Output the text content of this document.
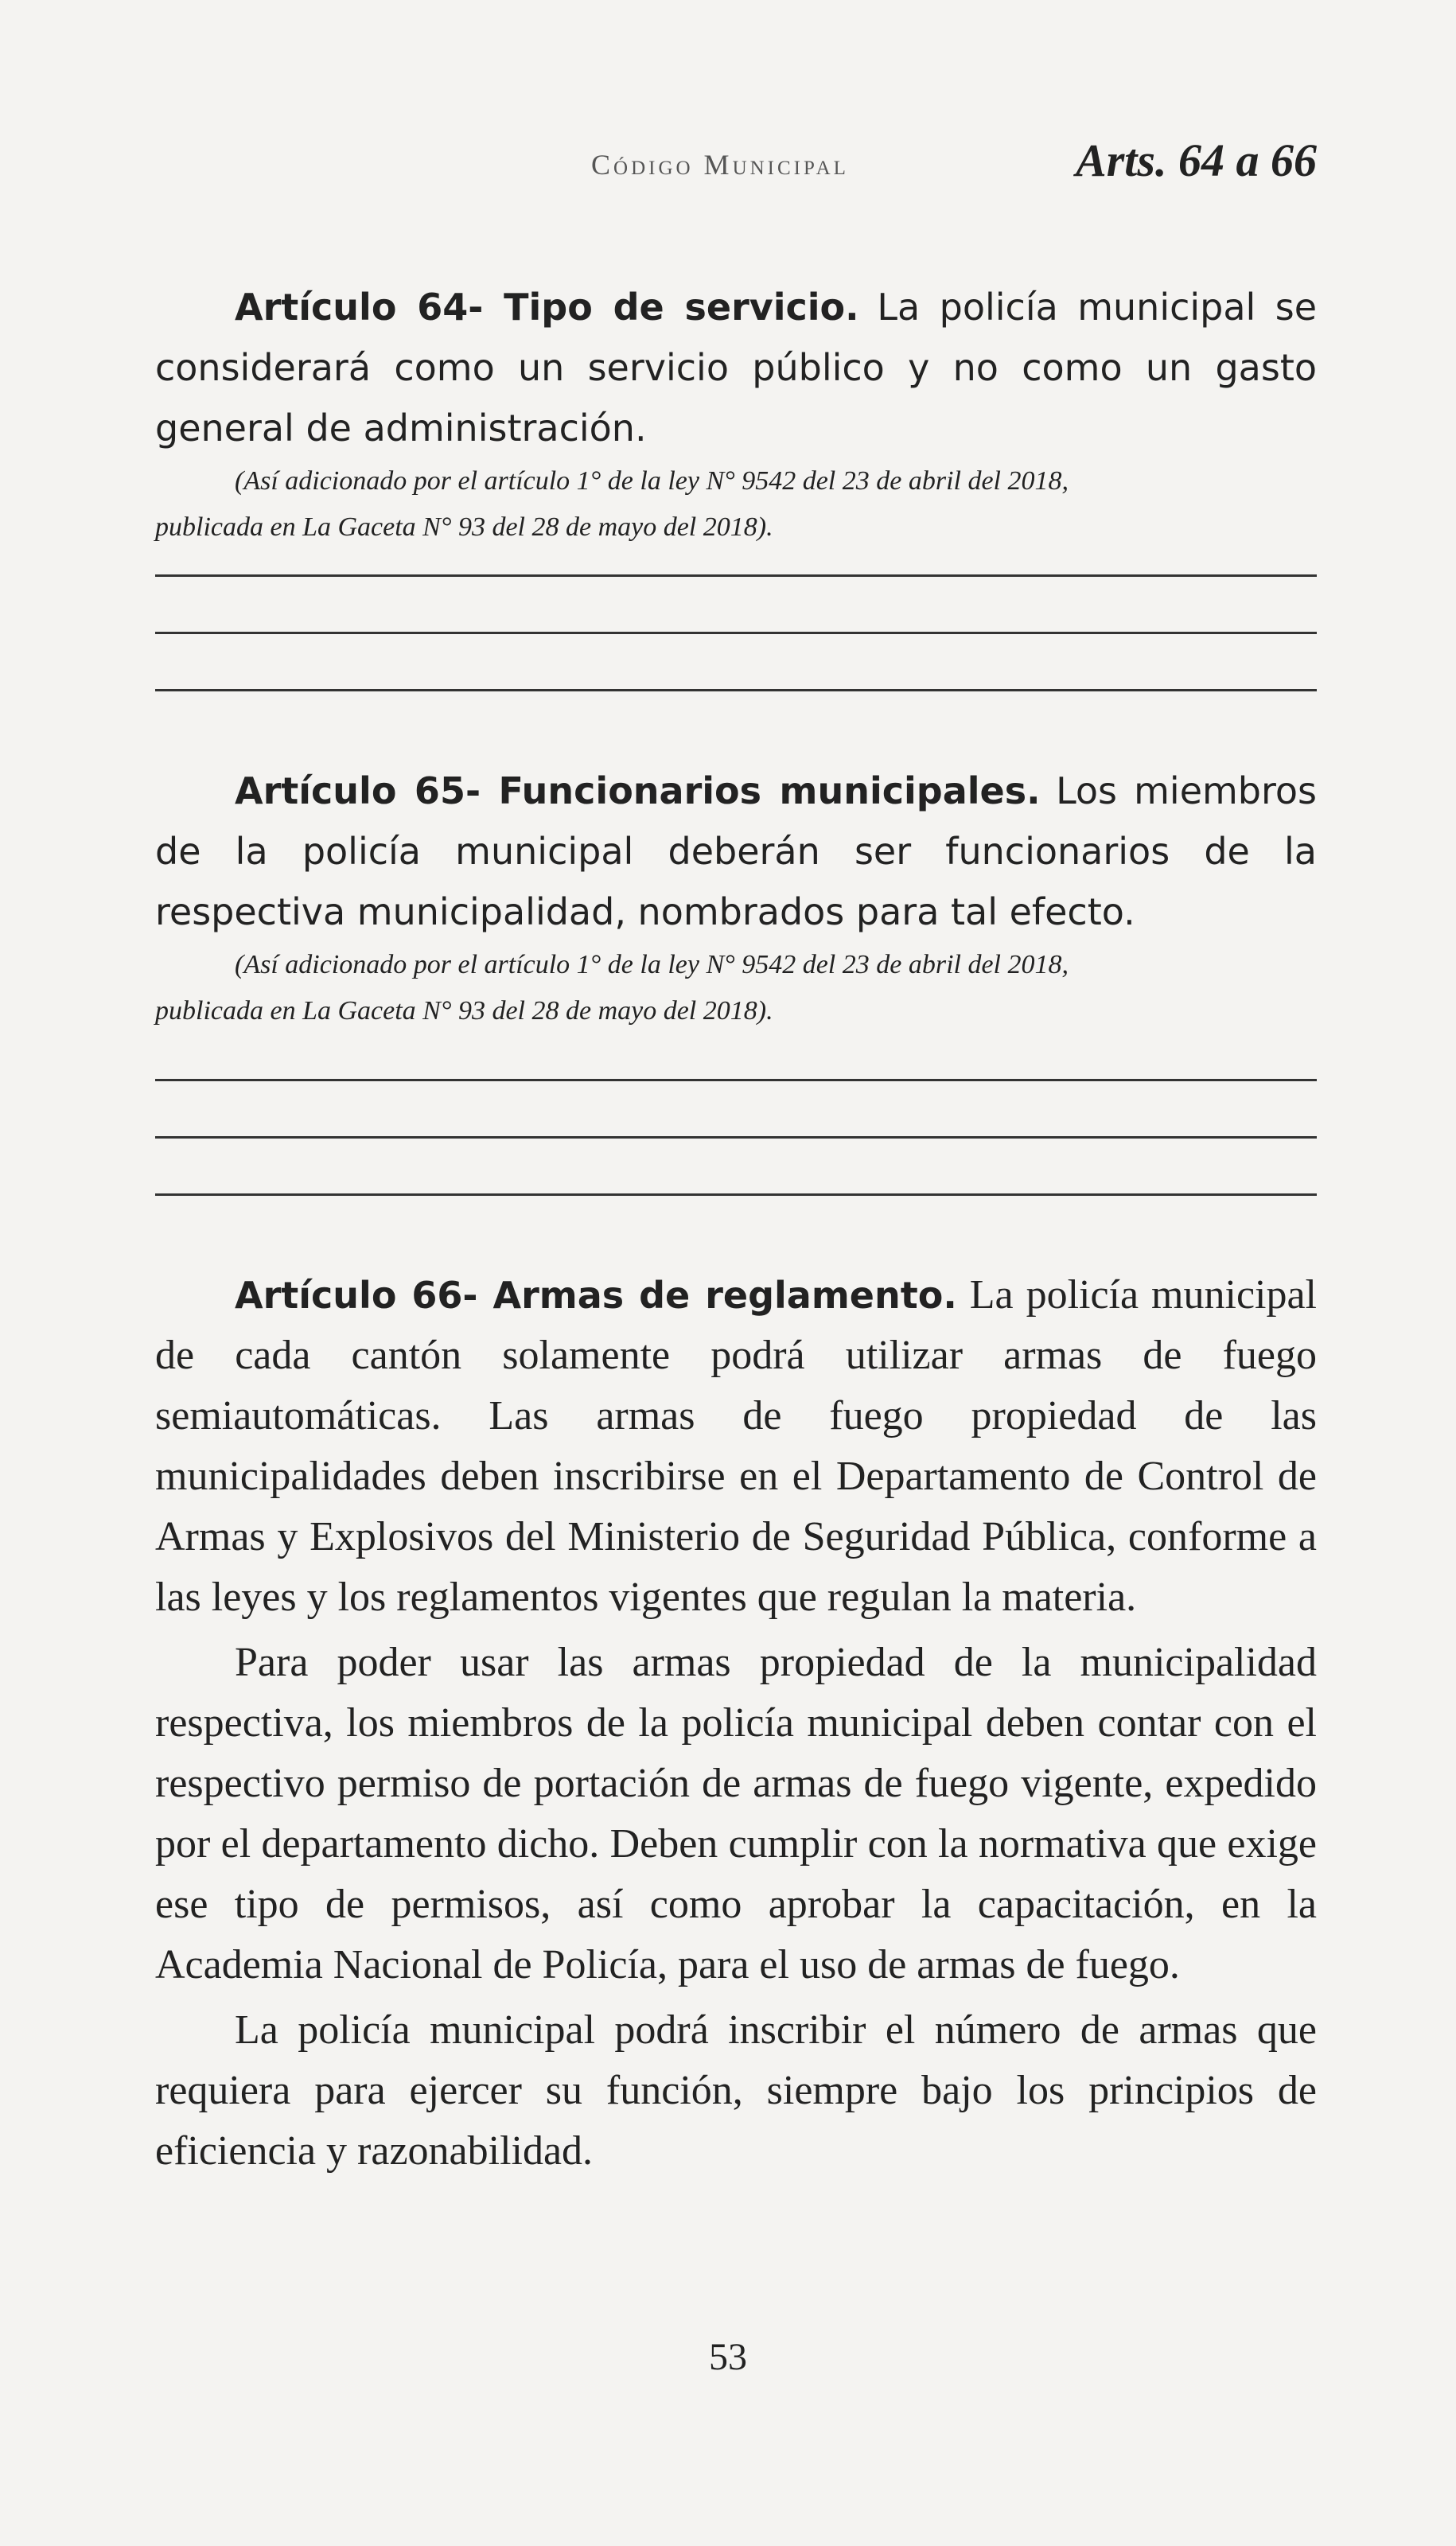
Código Municipal	Arts. 64 a 66

Artículo 64- Tipo de servicio. La policía municipal se considerará como un servicio público y no como un gasto general de administración.

(Así adicionado por el artículo 1° de la ley N° 9542 del 23 de abril del 2018,
publicada en La Gaceta N° 93 del 28 de mayo del 2018).

Artículo 65- Funcionarios municipales. Los miembros de la policía municipal deberán ser funcionarios de la respectiva municipalidad, nombrados para tal efecto.

(Así adicionado por el artículo 1° de la ley N° 9542 del 23 de abril del 2018,
publicada en La Gaceta N° 93 del 28 de mayo del 2018).

Artículo 66- Armas de reglamento. La policía municipal de cada cantón solamente podrá utilizar armas de fuego semiautomáticas. Las armas de fuego propiedad de las municipalidades deben inscribirse en el Departamento de Control de Armas y Explosivos del Ministerio de Seguridad Pública, conforme a las leyes y los reglamentos vigentes que regulan la materia.

Para poder usar las armas propiedad de la municipalidad respectiva, los miembros de la policía municipal deben contar con el respectivo permiso de portación de armas de fuego vigente, expedido por el departamento dicho. Deben cumplir con la normativa que exige ese tipo de permisos, así como aprobar la capacitación, en la Academia Nacional de Policía, para el uso de armas de fuego.

La policía municipal podrá inscribir el número de armas que requiera para ejercer su función, siempre bajo los principios de eficiencia y razonabilidad.

53
